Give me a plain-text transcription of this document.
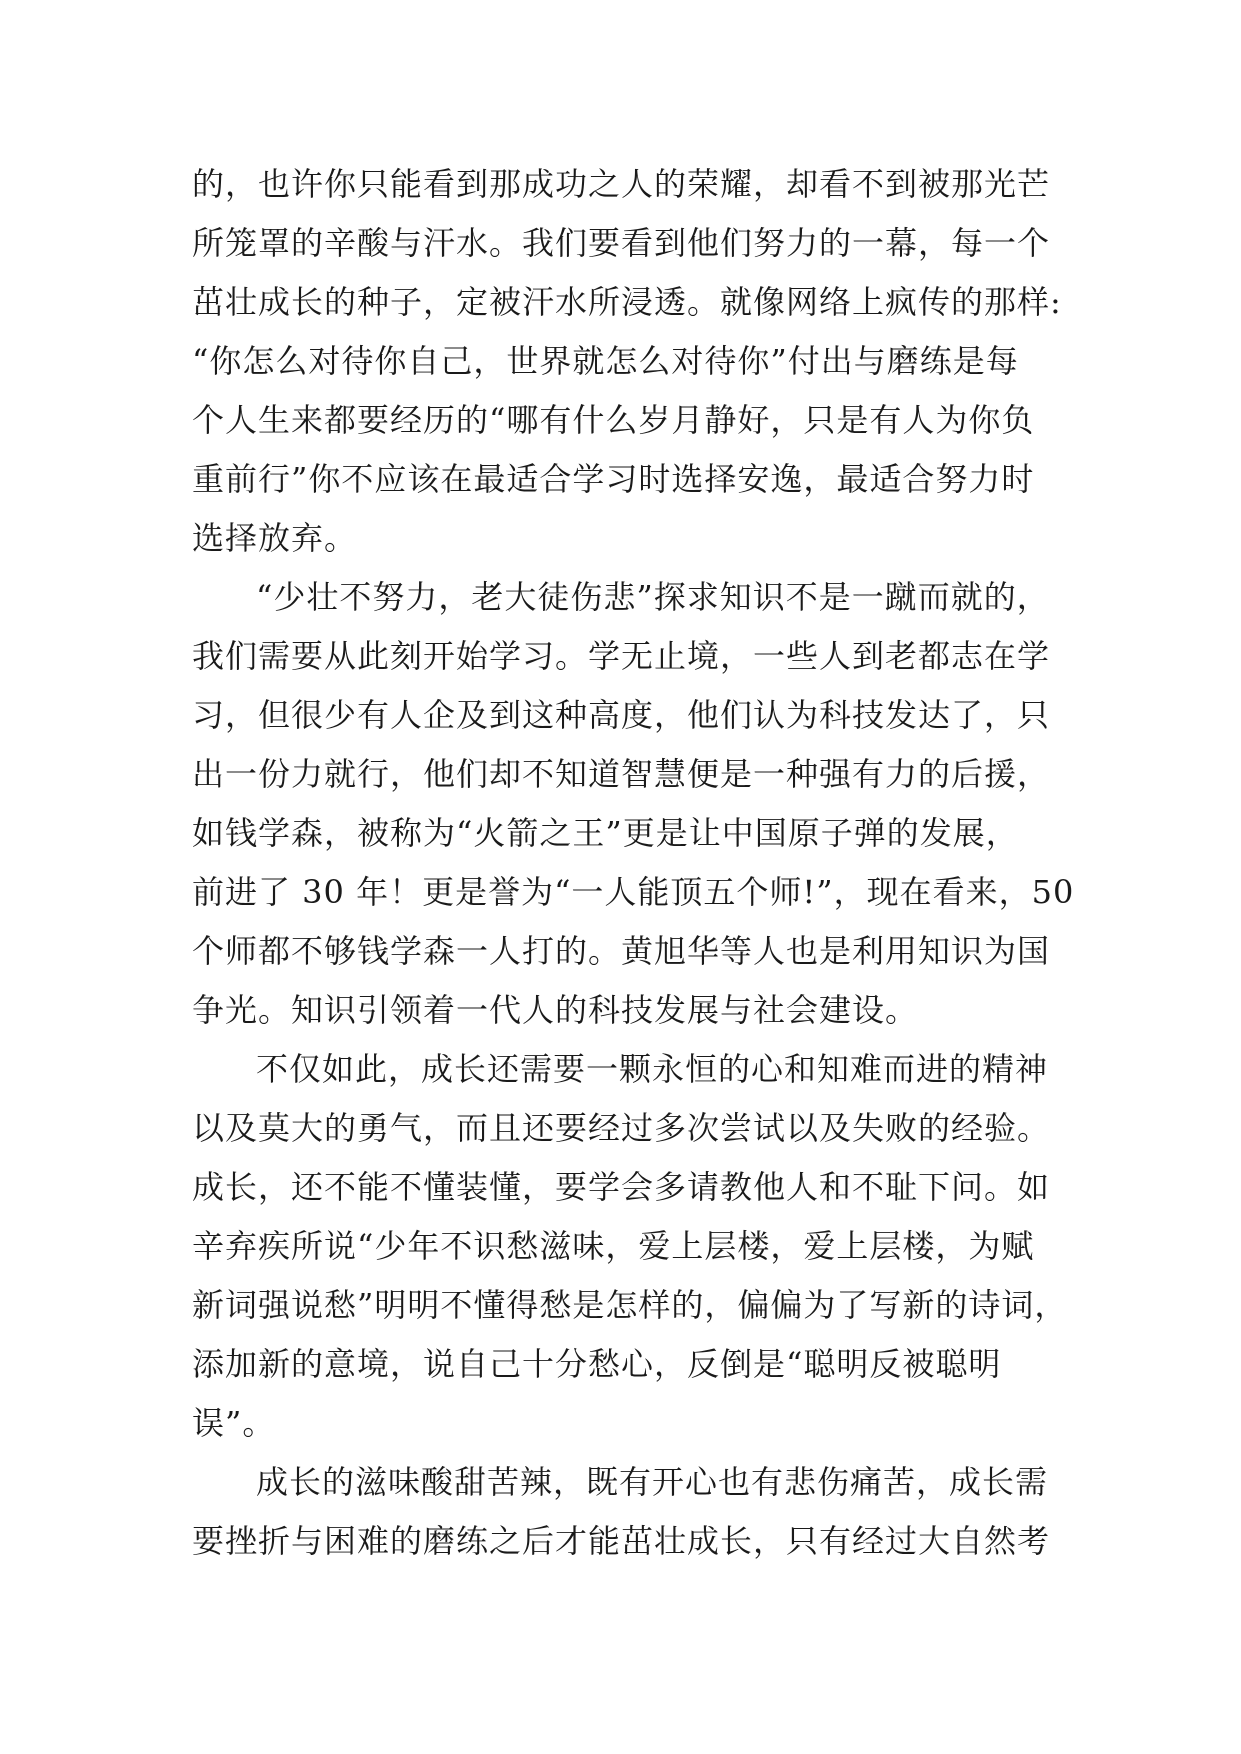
的，也许你只能看到那成功之人的荣耀，却看不到被那光芒
所笼罩的辛酸与汗水。我们要看到他们努力的一幕，每一个
茁壮成长的种子，定被汗水所浸透。就像网络上疯传的那样:
“你怎么对待你自己，世界就怎么对待你”付出与磨练是每
个人生来都要经历的“哪有什么岁月静好，只是有人为你负
重前行”你不应该在最适合学习时选择安逸，最适合努力时
选择放弃。
“少壮不努力，老大徒伤悲”探求知识不是一蹴而就的，
我们需要从此刻开始学习。学无止境，一些人到老都志在学
习，但很少有人企及到这种高度，他们认为科技发达了，只
出一份力就行，他们却不知道智慧便是一种强有力的后援，
如钱学森，被称为“火箭之王”更是让中国原子弹的发展，
前进了 30 年！更是誉为“一人能顶五个师!”，现在看来，50
个师都不够钱学森一人打的。黄旭华等人也是利用知识为国
争光。知识引领着一代人的科技发展与社会建设。
不仅如此，成长还需要一颗永恒的心和知难而进的精神
以及莫大的勇气，而且还要经过多次尝试以及失败的经验。
成长，还不能不懂装懂，要学会多请教他人和不耻下问。如
辛弃疾所说“少年不识愁滋味，爱上层楼，爱上层楼，为赋
新词强说愁”明明不懂得愁是怎样的，偏偏为了写新的诗词，
添加新的意境，说自己十分愁心，反倒是“聪明反被聪明
误”。
成长的滋味酸甜苦辣，既有开心也有悲伤痛苦，成长需
要挫折与困难的磨练之后才能茁壮成长，只有经过大自然考
